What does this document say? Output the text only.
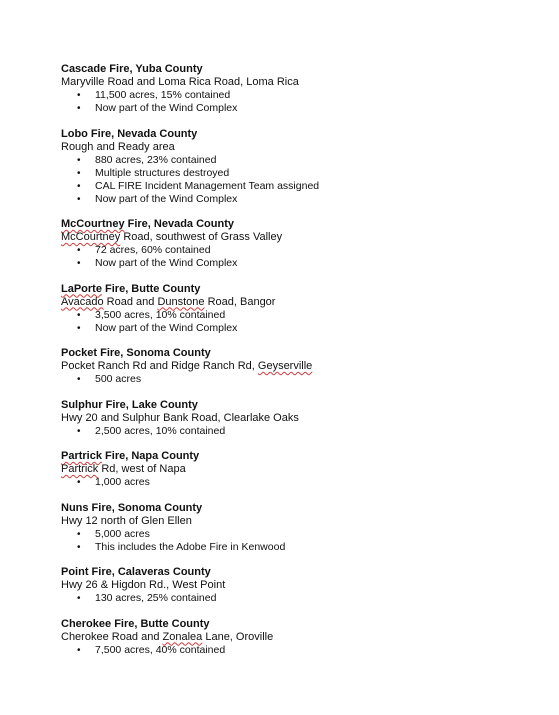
Cascade Fire, Yuba County
Maryville Road and Loma Rica Road, Loma Rica
• 11,500 acres, 15% contained
• Now part of the Wind Complex
Lobo Fire, Nevada County
Rough and Ready area
• 880 acres, 23% contained
• Multiple structures destroyed
• CAL FIRE Incident Management Team assigned
• Now part of the Wind Complex
McCourtney Fire, Nevada County
McCourtney Road, southwest of Grass Valley
• 72 acres, 60% contained
• Now part of the Wind Complex
LaPorte Fire, Butte County
Avacado Road and Dunstone Road, Bangor
• 3,500 acres, 10% contained
• Now part of the Wind Complex
Pocket Fire, Sonoma County
Pocket Ranch Rd and Ridge Ranch Rd, Geyserville
• 500 acres
Sulphur Fire, Lake County
Hwy 20 and Sulphur Bank Road, Clearlake Oaks
• 2,500 acres, 10% contained
Partrick Fire, Napa County
Partrick Rd, west of Napa
• 1,000 acres
Nuns Fire, Sonoma County
Hwy 12 north of Glen Ellen
• 5,000 acres
• This includes the Adobe Fire in Kenwood
Point Fire, Calaveras County
Hwy 26 & Higdon Rd., West Point
• 130 acres, 25% contained
Cherokee Fire, Butte County
Cherokee Road and Zonalea Lane, Oroville
• 7,500 acres, 40% contained
